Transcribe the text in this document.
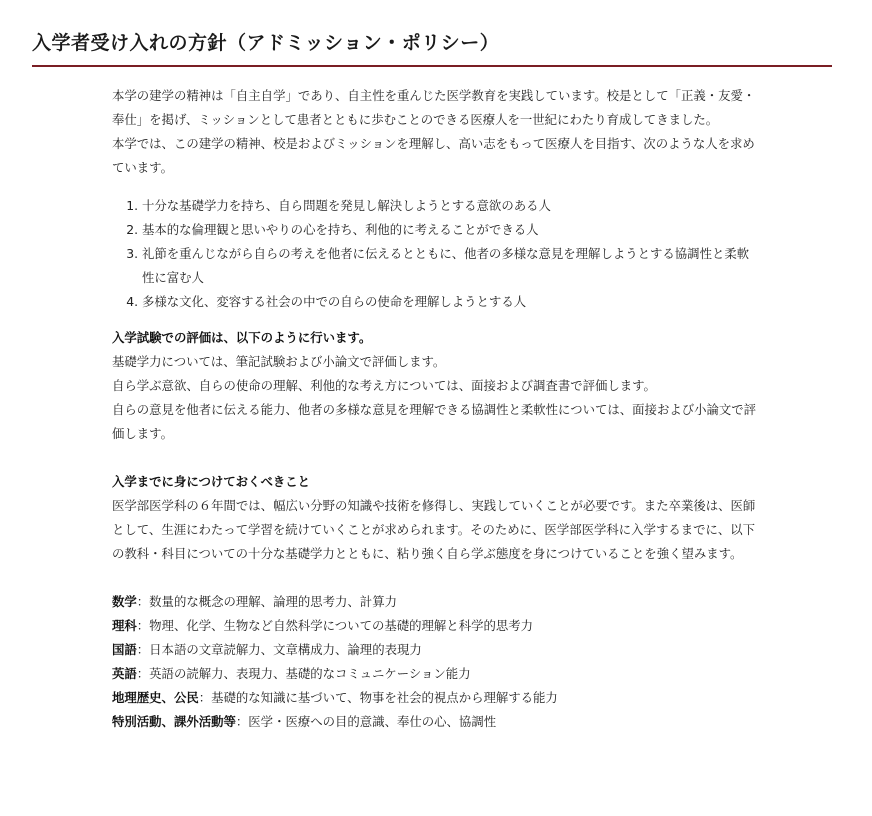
入学者受け入れの方針（アドミッション・ポリシー）

本学の建学の精神は「自主自学」であり、自主性を重んじた医学教育を実践しています。校是として「正義・友愛・奉仕」を掲げ、ミッションとして患者とともに歩むことのできる医療人を一世紀にわたり育成してきました。

本学では、この建学の精神、校是およびミッションを理解し、高い志をもって医療人を目指す、次のような人を求めています。

1. 十分な基礎学力を持ち、自ら問題を発見し解決しようとする意欲のある人
2. 基本的な倫理観と思いやりの心を持ち、利他的に考えることができる人
3. 礼節を重んじながら自らの考えを他者に伝えるとともに、他者の多様な意見を理解しようとする協調性と柔軟性に富む人
4. 多様な文化、変容する社会の中での自らの使命を理解しようとする人

入学試験での評価は、以下のように行います。

基礎学力については、筆記試験および小論文で評価します。

自ら学ぶ意欲、自らの使命の理解、利他的な考え方については、面接および調査書で評価します。

自らの意見を他者に伝える能力、他者の多様な意見を理解できる協調性と柔軟性については、面接および小論文で評価します。

入学までに身につけておくべきこと

医学部医学科の６年間では、幅広い分野の知識や技術を修得し、実践していくことが必要です。また卒業後は、医師として、生涯にわたって学習を続けていくことが求められます。そのために、医学部医学科に入学するまでに、以下の教科・科目についての十分な基礎学力とともに、粘り強く自ら学ぶ態度を身につけていることを強く望みます。

数学：数量的な概念の理解、論理的思考力、計算力

理科：物理、化学、生物など自然科学についての基礎的理解と科学的思考力

国語：日本語の文章読解力、文章構成力、論理的表現力

英語：英語の読解力、表現力、基礎的なコミュニケーション能力

地理歴史、公民：基礎的な知識に基づいて、物事を社会的視点から理解する能力

特別活動、課外活動等：医学・医療への目的意識、奉仕の心、協調性
